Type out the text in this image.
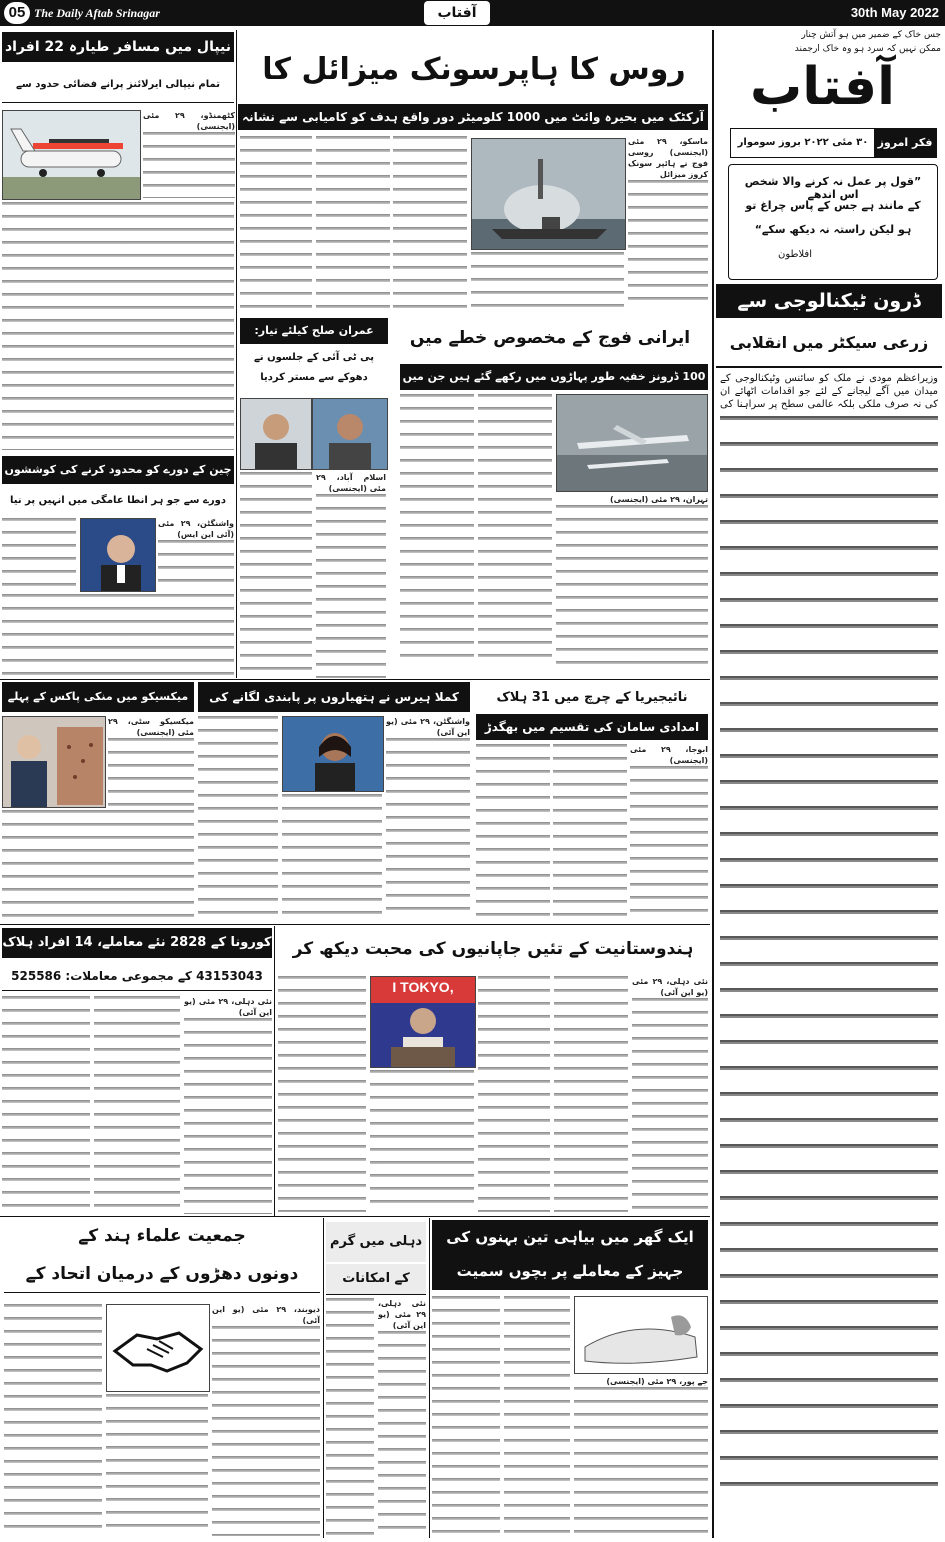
05 The Daily Aftab Srinagar	آفتاب	30th May 2022
جس خاک کے ضمیر میں ہو آتش چنار
ممکن نہیں کہ سرد ہو وہ خاک ارجمند
آفتاب
فکر امروز
۳۰ مئی ۲۰۲۲ بروز سوموار
”قول پر عمل نہ کرنے والا شخص اس اندھے
کے مانند ہے جس کے پاس چراغ تو
ہو لیکن راستہ نہ دیکھ سکے“
افلاطون
ڈرون ٹیکنالوجی سے
زرعی سیکٹر میں انقلابی
وزیراعظم مودی نے ملک کو سائنس وٹیکنالوجی کے میدان میں آگے لیجانے کے لئے جو اقدامات اٹھائے ان کی نہ صرف ملکی بلکہ عالمی سطح پر سراہنا کی
روس کا ہاپرسونک میزائل کا
آرکٹک میں بحیرہ وائٹ میں 1000 کلومیٹر دور واقع ہدف کو کامیابی سے نشانہ
ماسکو، ۲۹ مئی (ایجنسی) روسی فوج نے ہائپر سونک کروز میزائل
نیپال میں مسافر طیارہ 22 افراد
تمام نیپالی ایرلائنز پرانے فضائی حدود سے
کٹھمنڈو، ۲۹ مئی (ایجنسی)
چین کے دورے کو محدود کرنے کی کوششوں
دورے سے جو ہر انطا عامگی میں انہیں پر نیا
واشنگٹن، ۲۹ مئی (آئی این ایس)
عمران صلح کیلئے تیار:
پی ٹی آئی کے جلسوں نے دھوکے سے مستر کردیا
اسلام آباد، ۲۹ مئی (ایجنسی)
ایرانی فوج کے مخصوص خطے میں
100 ڈرونز خفیہ طور پہاڑوں میں رکھے گئے ہیں جن میں
تہران، ۲۹ مئی (ایجنسی)
میکسیکو میں منکی پاکس کے پہلے
میکسیکو سٹی، ۲۹ مئی (ایجنسی)
کملا ہیرس نے ہتھیاروں پر پابندی لگانے کی
واشنگٹن، ۲۹ مئی (یو این آئی)
نائیجیریا کے چرچ میں 31 ہلاک
امدادی سامان کی تقسیم میں بھگدڑ
ابوجا، ۲۹ مئی (ایجنسی)
کورونا کے 2828 نئے معاملے، 14 افراد ہلاک
43153043 کے مجموعی معاملات: 525586
نئی دہلی، ۲۹ مئی (یو این آئی)
ہندوستانیت کے تئیں جاپانیوں کی محبت دیکھ کر
I TOKYO,	نئی دہلی، ۲۹ مئی (یو این آئی)
جمعیت علماء ہند کے
دونوں دھڑوں کے درمیان اتحاد کے
دیوبند، ۲۹ مئی (یو این آئی)
دہلی میں گرم
کے امکانات
نئی دہلی، ۲۹ مئی (یو این آئی)
ایک گھر میں بیاہی تین بہنوں کی
جہیز کے معاملے پر بچوں سمیت
جے پور، ۲۹ مئی (ایجنسی)
